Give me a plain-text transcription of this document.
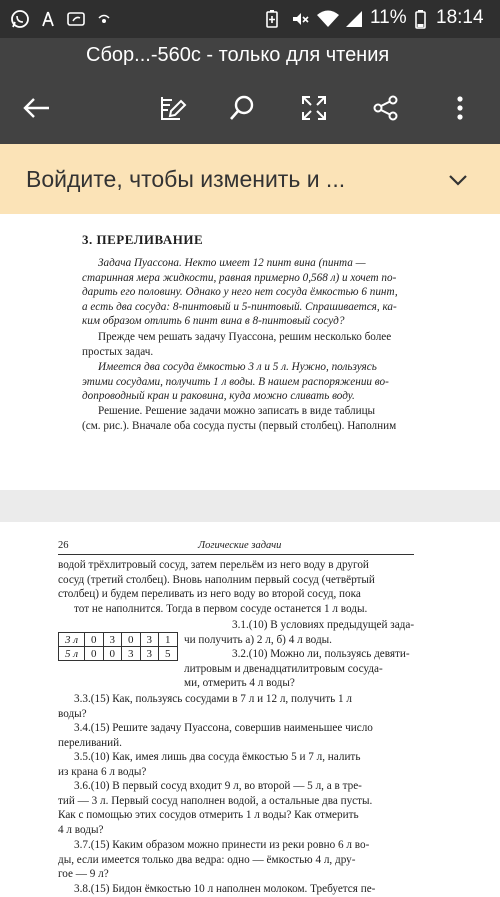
11% 18:14
Сбор...-560с - только для чтения
Войдите, чтобы изменить и ...
3. ПЕРЕЛИВАНИЕ
Задача Пуассона. Некто имеет 12 пинт вина (пинта —
старинная мера жидкости, равная примерно 0,568 л) и хочет по-
дарить его половину. Однако у него нет сосуда ёмкостью 6 пинт,
а есть два сосуда: 8-пинтовый и 5-пинтовый. Спрашивается, ка-
ким образом отлить 6 пинт вина в 8-пинтовый сосуд?
Прежде чем решать задачу Пуассона, решим несколько более
простых задач.
Имеется два сосуда ёмкостью 3 л и 5 л. Нужно, пользуясь
этими сосудами, получить 1 л воды. В нашем распоряжении во-
допроводный кран и раковина, куда можно сливать воду.
Решение. Решение задачи можно записать в виде таблицы
(см. рис.). Вначале оба сосуда пусты (первый столбец). Наполним
26	Логические задачи
водой трёхлитровый сосуд, затем перельём из него воду в другой
сосуд (третий столбец). Вновь наполним первый сосуд (четвёртый
столбец) и будем переливать из него воду во второй сосуд, пока
тот не наполнится. Тогда в первом сосуде останется 1 л воды.
3 л	0	3	0	3	1
5 л	0	0	3	3	5
3.1.(10) В условиях предыдущей зада-
чи получить а) 2 л, б) 4 л воды.
3.2.(10) Можно ли, пользуясь девяти-
литровым и двенадцатилитровым сосуда-
ми, отмерить 4 л воды?
3.3.(15) Как, пользуясь сосудами в 7 л и 12 л, получить 1 л
воды?
3.4.(15) Решите задачу Пуассона, совершив наименьшее число
переливаний.
3.5.(10) Как, имея лишь два сосуда ёмкостью 5 и 7 л, налить
из крана 6 л воды?
3.6.(10) В первый сосуд входит 9 л, во второй — 5 л, а в тре-
тий — 3 л. Первый сосуд наполнен водой, а остальные два пусты.
Как с помощью этих сосудов отмерить 1 л воды? Как отмерить
4 л воды?
3.7.(15) Каким образом можно принести из реки ровно 6 л во-
ды, если имеется только два ведра: одно — ёмкостью 4 л, дру-
гое — 9 л?
3.8.(15) Бидон ёмкостью 10 л наполнен молоком. Требуется пе-
